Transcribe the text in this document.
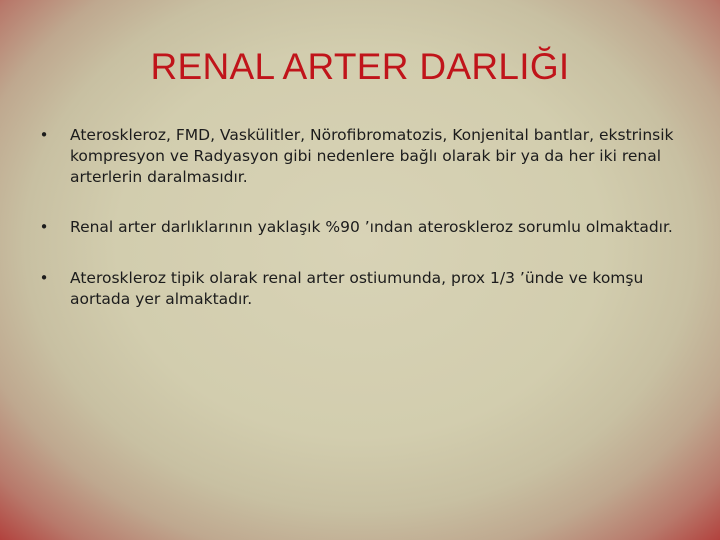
RENAL ARTER DARLIĞI
• Ateroskleroz, FMD, Vaskülitler, Nörofibromatozis, Konjenital bantlar, ekstrinsik kompresyon ve Radyasyon gibi nedenlere bağlı olarak bir ya da her iki renal arterlerin daralmasıdır.
• Renal arter darlıklarının yaklaşık %90 ’ından ateroskleroz sorumlu olmaktadır.
• Ateroskleroz tipik olarak renal arter ostiumunda, prox 1/3 ’ünde ve komşu aortada yer almaktadır.
